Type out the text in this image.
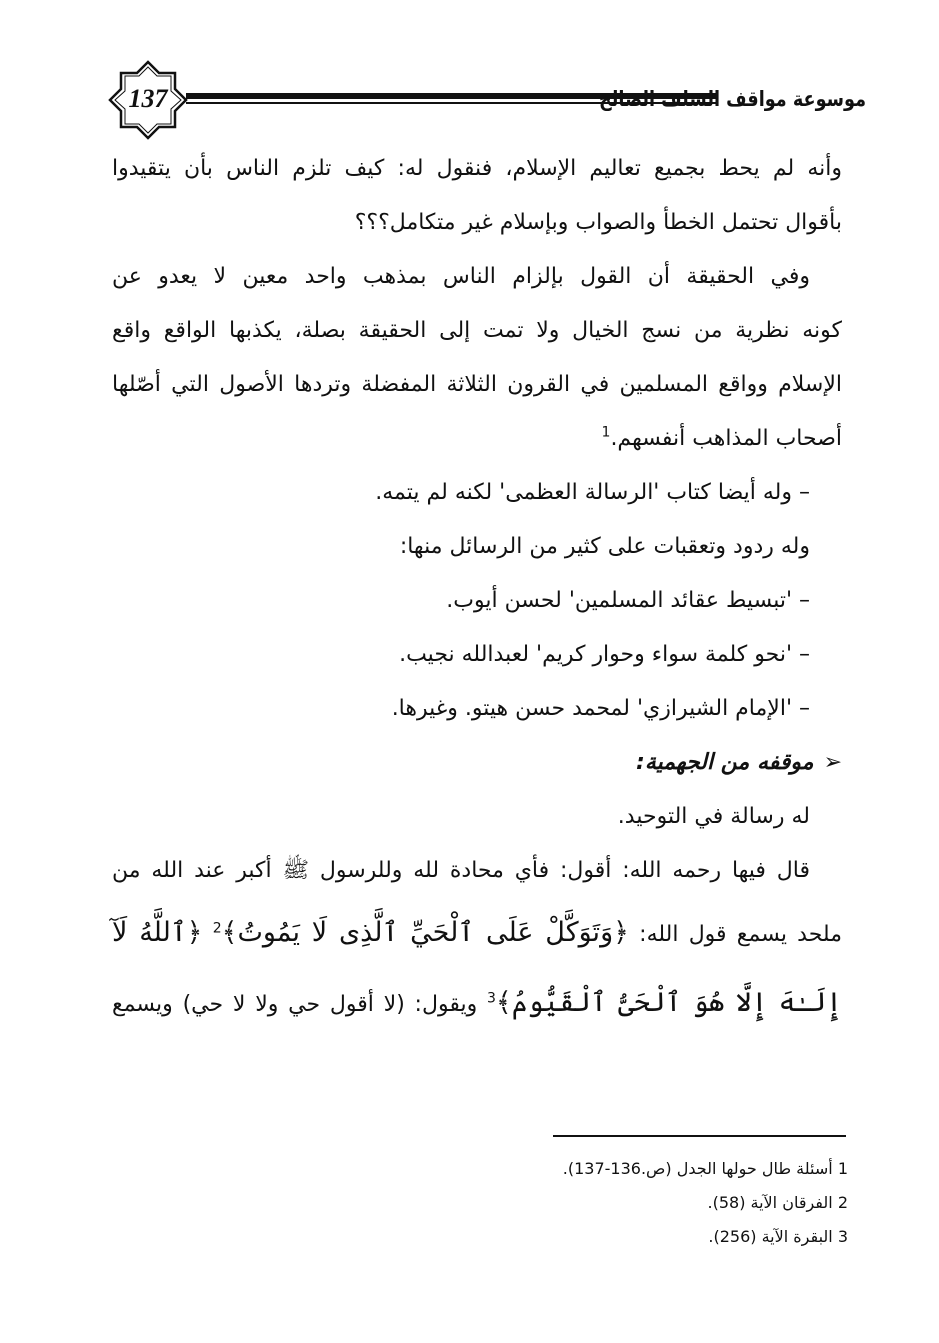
137	موسوعة مواقف السلف الصالح
وأنه لم يحط بجميع تعاليم الإسلام، فنقول له: كيف تلزم الناس بأن يتقيدوا
بأقوال تحتمل الخطأ والصواب وبإسلام غير متكامل؟؟؟
وفي الحقيقة أن القول بإلزام الناس بمذهب واحد معين لا يعدو عن
كونه نظرية من نسج الخيال ولا تمت إلى الحقيقة بصلة، يكذبها الواقع واقع
الإسلام وواقع المسلمين في القرون الثلاثة المفضلة وتردها الأصول التي أصّلها
أصحاب المذاهب أنفسهم.$^1$
– وله أيضا كتاب 'الرسالة العظمى' لكنه لم يتمه.
وله ردود وتعقبات على كثير من الرسائل منها:
– 'تبسيط عقائد المسلمين' لحسن أيوب.
– 'نحو كلمة سواء وحوار كريم' لعبدالله نجيب.
– 'الإمام الشيرازي' لمحمد حسن هيتو. وغيرها.
➢موقفه من الجهمية:
له رسالة في التوحيد.
قال فيها رحمه الله: أقول: فأي محادة لله وللرسول ﷺ أكبر عند الله من
ملحد يسمع قول الله: ﴿وَتَوَكَّلْ عَلَى ٱلْحَيِّ ٱلَّذِى لَا يَمُوتُ﴾$^2$ ﴿ٱللَّهُ لَآ
إِلَـٰهَ إِلَّا هُوَ ٱلْحَىُّ ٱلْقَيُّومُ﴾$^3$ ويقول: (لا أقول حي ولا لا حي) ويسمع
1 أسئلة طال حولها الجدل (ص.136-137).
2 الفرقان الآية (58).
3 البقرة الآية (256).
